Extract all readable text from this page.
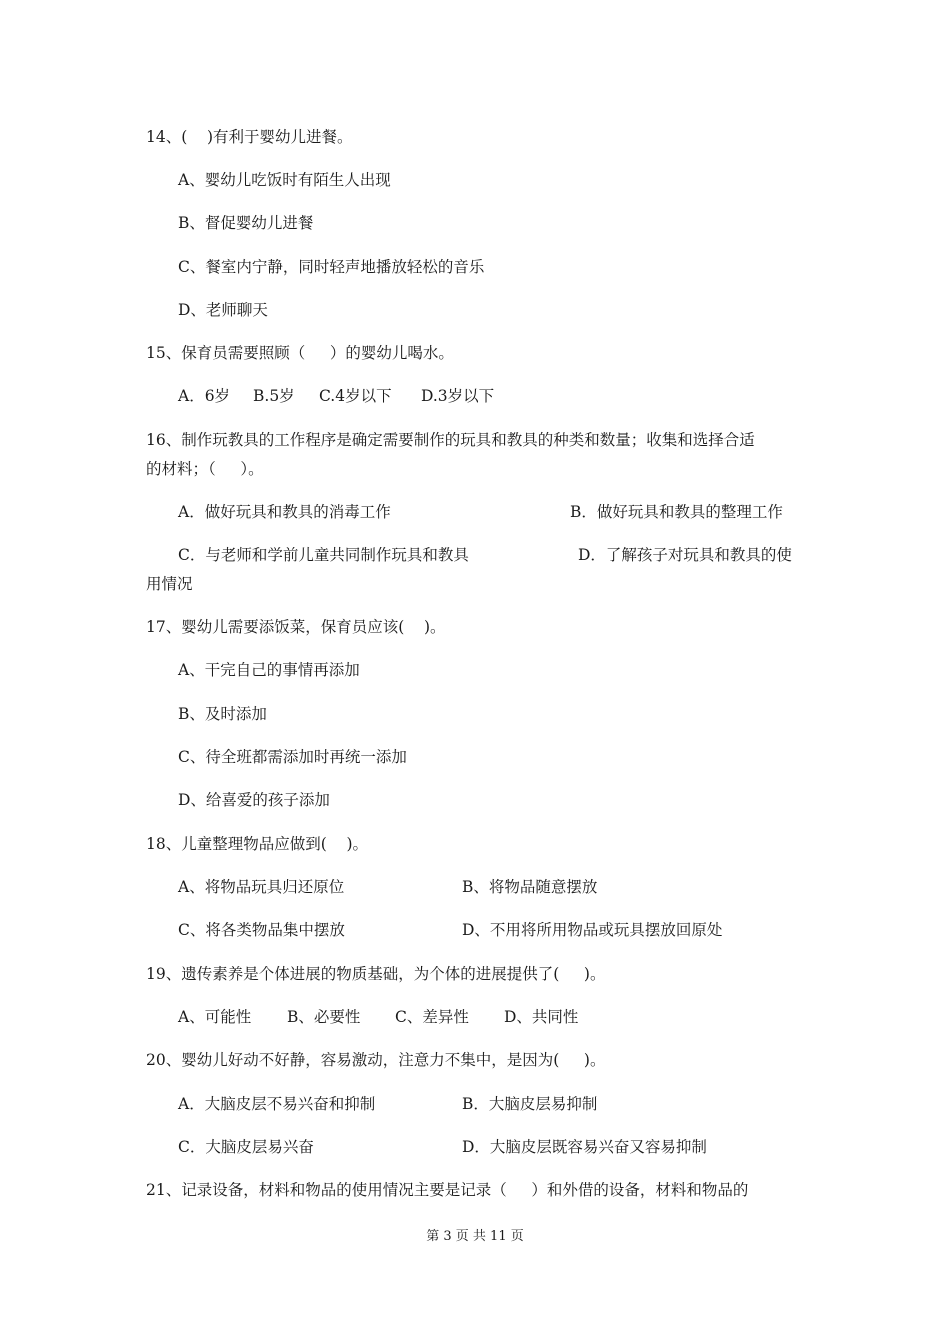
14、(    )有利于婴幼儿进餐。
A、婴幼儿吃饭时有陌生人出现
B、督促婴幼儿进餐
C、餐室内宁静，同时轻声地播放轻松的音乐
D、老师聊天
15、保育员需要照顾（     ）的婴幼儿喝水。
A．6岁 B.5岁 C.4岁以下 D.3岁以下
16、制作玩教具的工作程序是确定需要制作的玩具和教具的种类和数量；收集和选择合适
的材料；（     ）。
A．做好玩具和教具的消毒工作	B．做好玩具和教具的整理工作
C．与老师和学前儿童共同制作玩具和教具	D．了解孩子对玩具和教具的使
用情况
17、婴幼儿需要添饭菜，保育员应该(    )。
A、干完自己的事情再添加
B、及时添加
C、待全班都需添加时再统一添加
D、给喜爱的孩子添加
18、儿童整理物品应做到(    )。
A、将物品玩具归还原位	B、将物品随意摆放
C、将各类物品集中摆放	D、不用将所用物品或玩具摆放回原处
19、遗传素养是个体进展的物质基础，为个体的进展提供了(     )。
A、可能性 B、必要性 C、差异性 D、共同性
20、婴幼儿好动不好静，容易激动，注意力不集中，是因为(     )。
A．大脑皮层不易兴奋和抑制	B．大脑皮层易抑制
C．大脑皮层易兴奋	D．大脑皮层既容易兴奋又容易抑制
21、记录设备，材料和物品的使用情况主要是记录（     ）和外借的设备，材料和物品的
第 3 页 共 11 页
